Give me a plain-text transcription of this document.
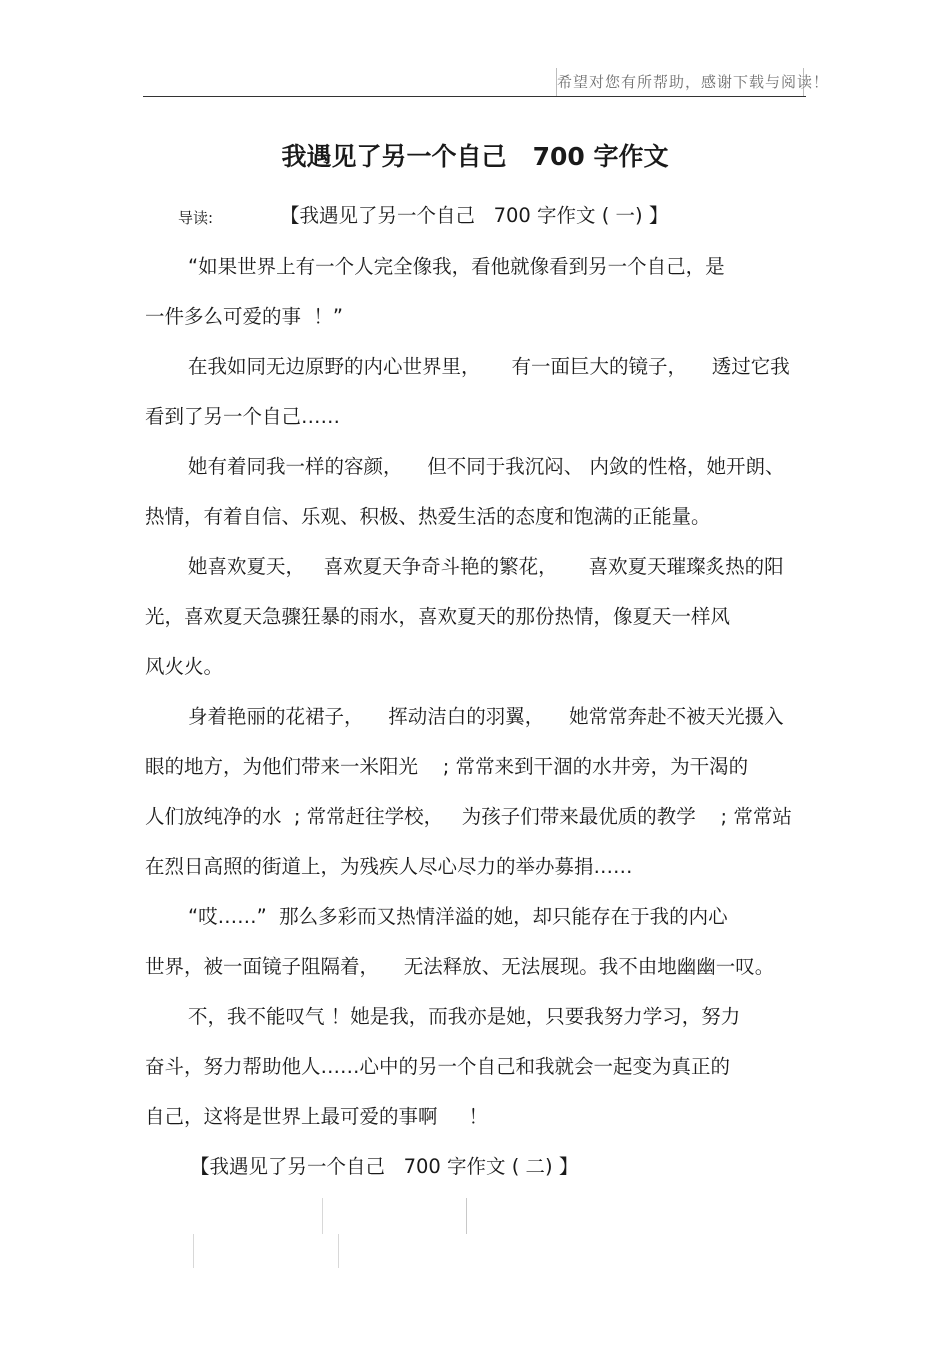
希望对您有所帮助，感谢下载与阅读！
我遇见了另一个自己   700 字作文

导读:	【我遇见了另一个自己   700 字作文 ( 一) 】

“如果世界上有一个人完全像我，看他就像看到另一个自己，是

一件多么可爱的事  ！”

在我如同无边原野的内心世界里，     有一面巨大的镜子，    透过它我

看到了另一个自己……

她有着同我一样的容颜，    但不同于我沉闷、 内敛的性格，她开朗、

热情，有着自信、乐观、积极、热爱生活的态度和饱满的正能量。

她喜欢夏天，   喜欢夏天争奇斗艳的繁花，     喜欢夏天璀璨炙热的阳

光，喜欢夏天急骤狂暴的雨水，喜欢夏天的那份热情，像夏天一样风

风火火。

身着艳丽的花裙子，    挥动洁白的羽翼，    她常常奔赴不被天光摄入

眼的地方，为他们带来一米阳光    ; 常常来到干涸的水井旁，为干渴的

人们放纯净的水  ; 常常赶往学校，   为孩子们带来最优质的教学    ; 常常站

在烈日高照的街道上，为残疾人尽心尽力的举办募捐……

“哎……”  那么多彩而又热情洋溢的她，却只能存在于我的内心

世界，被一面镜子阻隔着，    无法释放、无法展现。我不由地幽幽一叹。

不，我不能叹气 ！她是我，而我亦是她，只要我努力学习，努力

奋斗，努力帮助他人……心中的另一个自己和我就会一起变为真正的

自己，这将是世界上最可爱的事啊     ！

【我遇见了另一个自己   700 字作文 ( 二) 】
